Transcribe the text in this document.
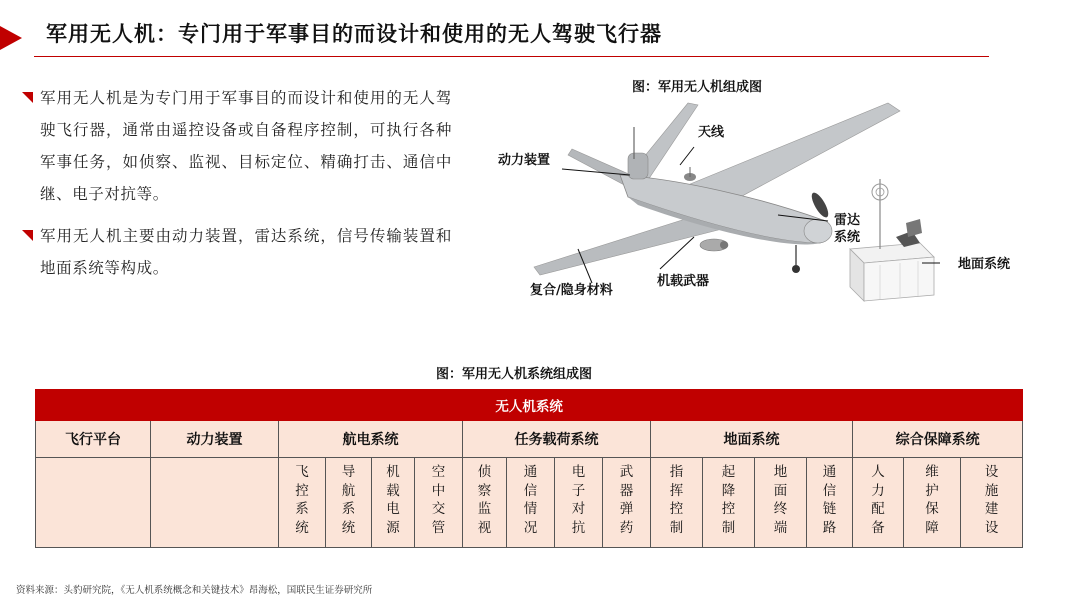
军用无人机：专门用于军事目的而设计和使用的无人驾驶飞行器
军用无人机是为专门用于军事目的而设计和使用的无人驾驶飞行器，通常由遥控设备或自备程序控制，可执行各种军事任务，如侦察、监视、目标定位、精确打击、通信中继、电子对抗等。
军用无人机主要由动力装置，雷达系统，信号传输装置和地面系统等构成。
图：军用无人机组成图
天线
动力装置
雷达
系统
地面系统
机载武器
复合/隐身材料
图：军用无人机系统组成图
无人机系统																
飞行平台	动力装置	航电系统				任务载荷系统				地面系统				综合保障系统		
		飞控系统	导航系统	机载电源	空中交管	侦察监视	通信情况	电子对抗	武器弹药	指挥控制	起降控制	地面终端	通信链路	人力配备	维护保障	设施建设
资料来源：头豹研究院，《无人机系统概念和关键技术》昂海松，国联民生证券研究所
